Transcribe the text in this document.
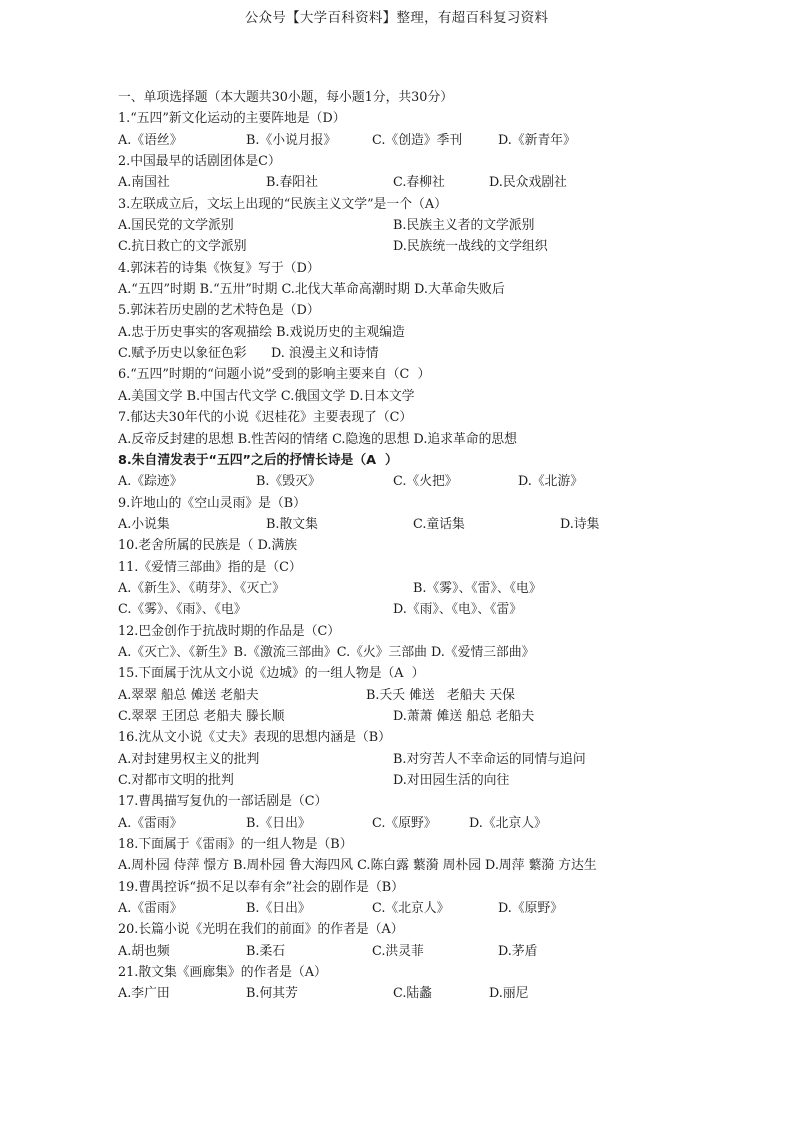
公众号【大学百科资料】整理，有超百科复习资料
一、单项选择题（本大题共30小题，每小题1分，共30分）
1.“五四”新文化运动的主要阵地是（D）
A.《语丝》	B.《小说月报》	C.《创造》季刊	D.《新青年》
2.中国最早的话剧团体是C）
A.南国社	B.春阳社	C.春柳社	D.民众戏剧社
3.左联成立后，文坛上出现的“民族主义文学”是一个（A）
A.国民党的文学派别	B.民族主义者的文学派别
C.抗日救亡的文学派别	D.民族统一战线的文学组织
4.郭沫若的诗集《恢复》写于（D）
A.“五四”时期 B.“五卅”时期 C.北伐大革命高潮时期 D.大革命失败后
5.郭沫若历史剧的艺术特色是（D）
A.忠于历史事实的客观描绘 B.戏说历史的主观编造
C.赋予历史以象征色彩      D. 浪漫主义和诗情
6.“五四”时期的“问题小说”受到的影响主要来自（C  ）
A.美国文学 B.中国古代文学 C.俄国文学 D.日本文学
7.郁达夫30年代的小说《迟桂花》主要表现了（C）
A.反帝反封建的思想 B.性苦闷的情绪 C.隐逸的思想 D.追求革命的思想
8.朱自清发表于“五四”之后的抒情长诗是（A  ）
A.《踪迹》	B.《毁灭》	C.《火把》	D.《北游》
9.许地山的《空山灵雨》是（B）
A.小说集	B.散文集	C.童话集	D.诗集
10.老舍所属的民族是（ D.满族
11.《爱情三部曲》指的是（C）
A.《新生》、《萌芽》、《灭亡》	B.《雾》、《雷》、《电》
C.《雾》、《雨》、《电》	D.《雨》、《电》、《雷》
12.巴金创作于抗战时期的作品是（C）
A.《灭亡》、《新生》B.《激流三部曲》C.《火》三部曲 D.《爱情三部曲》
15.下面属于沈从文小说《边城》的一组人物是（A  ）
A.翠翠 船总 傩送 老船夫	B.夭夭 傩送   老船夫 天保
C.翠翠 王团总 老船夫 滕长顺	D.萧萧 傩送 船总 老船夫
16.沈从文小说《丈夫》表现的思想内涵是（B）
A.对封建男权主义的批判	B.对穷苦人不幸命运的同情与追问
C.对都市文明的批判	D.对田园生活的向往
17.曹禺描写复仇的一部话剧是（C）
A.《雷雨》	B.《日出》	C.《原野》	D.《北京人》
18.下面属于《雷雨》的一组人物是（B）
A.周朴园 侍萍 憬方 B.周朴园 鲁大海四风 C.陈白露 蘩漪 周朴园 D.周萍 蘩漪 方达生
19.曹禺控诉“损不足以奉有余”社会的剧作是（B）
A.《雷雨》	B.《日出》	C.《北京人》	D.《原野》
20.长篇小说《光明在我们的前面》的作者是（A）
A.胡也频	B.柔石	C.洪灵菲	D.茅盾
21.散文集《画廊集》的作者是（A）
A.李广田	B.何其芳	C.陆蠡	D.丽尼
